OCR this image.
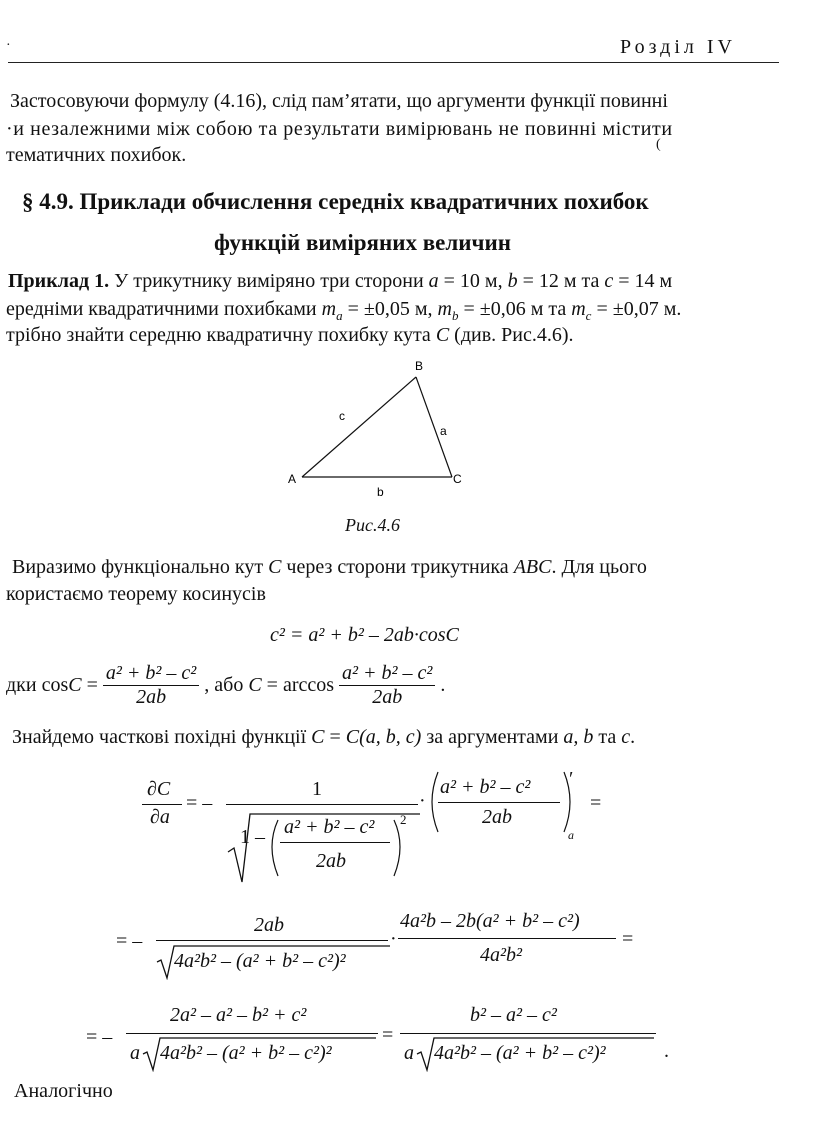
·	Розділ IV
Застосовуючи формулу (4.16), слід пам’ятати, що аргументи функції повинні
·и незалежними між собою та результати вимірювань не повинні містити
тематичних похибок.	(
§ 4.9. Приклади обчислення середніх квадратичних похибок
функцій виміряних величин
Приклад 1. У трикутнику виміряно три сторони a = 10 м, b = 12 м та c = 14 м
ередніми квадратичними похибками $m_a = \pm 0,05$ м, $m_b = \pm 0,06$ м та $m_c = \pm 0,07$ м.
трібно знайти середню квадратичну похибку кута C (див. Рис.4.6).
B
A	C
c
a
b
Рис.4.6
Виразимо функціонально кут C через сторони трикутника ABC. Для цього
користаємо теорему косинусів
c² = a² + b² – 2ab·cosC
дки $\cos C = \frac{\text{a² + b² – c²}}{2ab}$ , або $C = \arccos \frac{\text{a² + b² – c²}}{2ab}$ .
Знайдемо часткові похідні функції C = C(a, b, c) за аргументами a, b та c.
∂C
∂a
= –
1
1 – a² + b² – c²
2ab
2
·
a² + b² – c²
2ab
′
a
=
= –
2ab
4a²b² – (a² + b² – c²)²
·
4a²b – 2b(a² + b² – c²)
4a²b²
=
= –
2a² – a² – b² + c²
a 4a²b² – (a² + b² – c²)²
=
b² – a² – c²
a 4a²b² – (a² + b² – c²)²	.
Аналогічно
